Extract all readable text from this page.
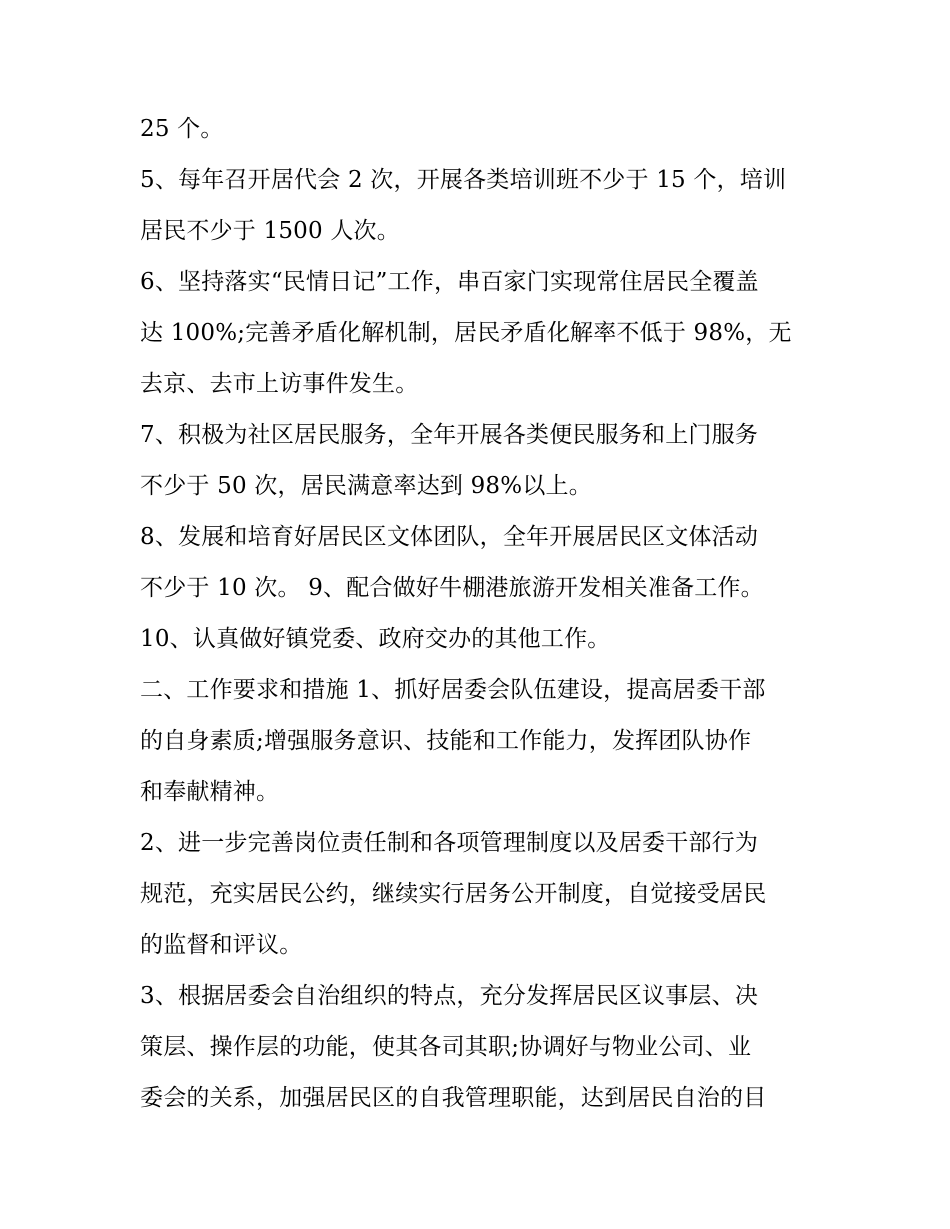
25 个。
5、每年召开居代会 2 次，开展各类培训班不少于 15 个，培训
居民不少于 1500 人次。
6、坚持落实“民情日记”工作，串百家门实现常住居民全覆盖
达 100%;完善矛盾化解机制，居民矛盾化解率不低于 98%，无
去京、去市上访事件发生。
7、积极为社区居民服务，全年开展各类便民服务和上门服务
不少于 50 次，居民满意率达到 98%以上。
8、发展和培育好居民区文体团队，全年开展居民区文体活动
不少于 10 次。 9、配合做好牛棚港旅游开发相关准备工作。
10、认真做好镇党委、政府交办的其他工作。
二、工作要求和措施 1、抓好居委会队伍建设，提高居委干部
的自身素质;增强服务意识、技能和工作能力，发挥团队协作
和奉献精神。
2、进一步完善岗位责任制和各项管理制度以及居委干部行为
规范，充实居民公约，继续实行居务公开制度，自觉接受居民
的监督和评议。
3、根据居委会自治组织的特点，充分发挥居民区议事层、决
策层、操作层的功能，使其各司其职;协调好与物业公司、业
委会的关系，加强居民区的自我管理职能，达到居民自治的目
